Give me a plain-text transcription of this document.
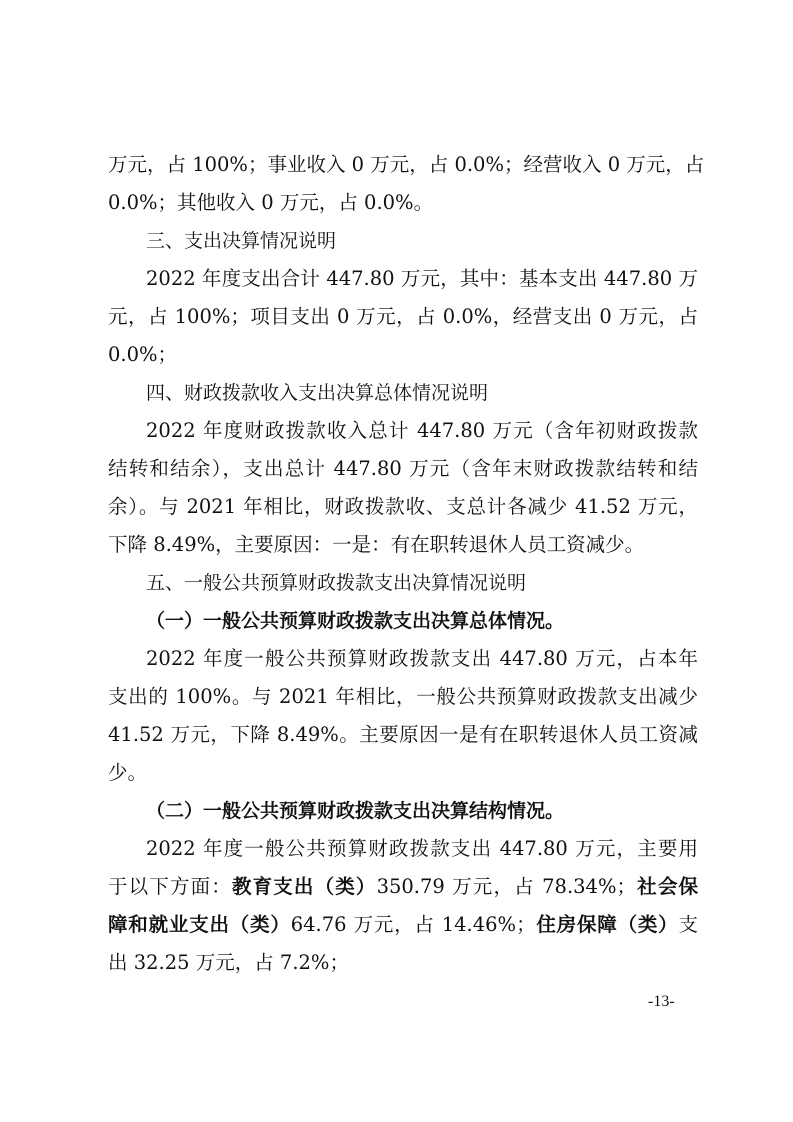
万元，占 100%；事业收入 0 万元，占 0.0%；经营收入 0 万元，占
0.0%；其他收入 0 万元，占 0.0%。
三、支出决算情况说明
2022 年度支出合计 447.80 万元，其中：基本支出 447.80 万
元，占 100%；项目支出 0 万元，占 0.0%，经营支出 0 万元，占
0.0%；
四、财政拨款收入支出决算总体情况说明
2022 年度财政拨款收入总计 447.80 万元（含年初财政拨款
结转和结余），支出总计 447.80 万元（含年末财政拨款结转和结
余）。与 2021 年相比，财政拨款收、支总计各减少 41.52 万元，
下降 8.49%，主要原因：一是：有在职转退休人员工资减少。
五、一般公共预算财政拨款支出决算情况说明
（一）一般公共预算财政拨款支出决算总体情况。
2022 年度一般公共预算财政拨款支出 447.80 万元，占本年
支出的 100%。与 2021 年相比，一般公共预算财政拨款支出减少
41.52 万元，下降 8.49%。主要原因一是有在职转退休人员工资减
少。
（二）一般公共预算财政拨款支出决算结构情况。
2022 年度一般公共预算财政拨款支出 447.80 万元，主要用
于以下方面：教育支出（类）350.79 万元，占 78.34%；社会保
障和就业支出（类）64.76 万元，占 14.46%；住房保障（类）支
出 32.25 万元，占 7.2%；
-13-
